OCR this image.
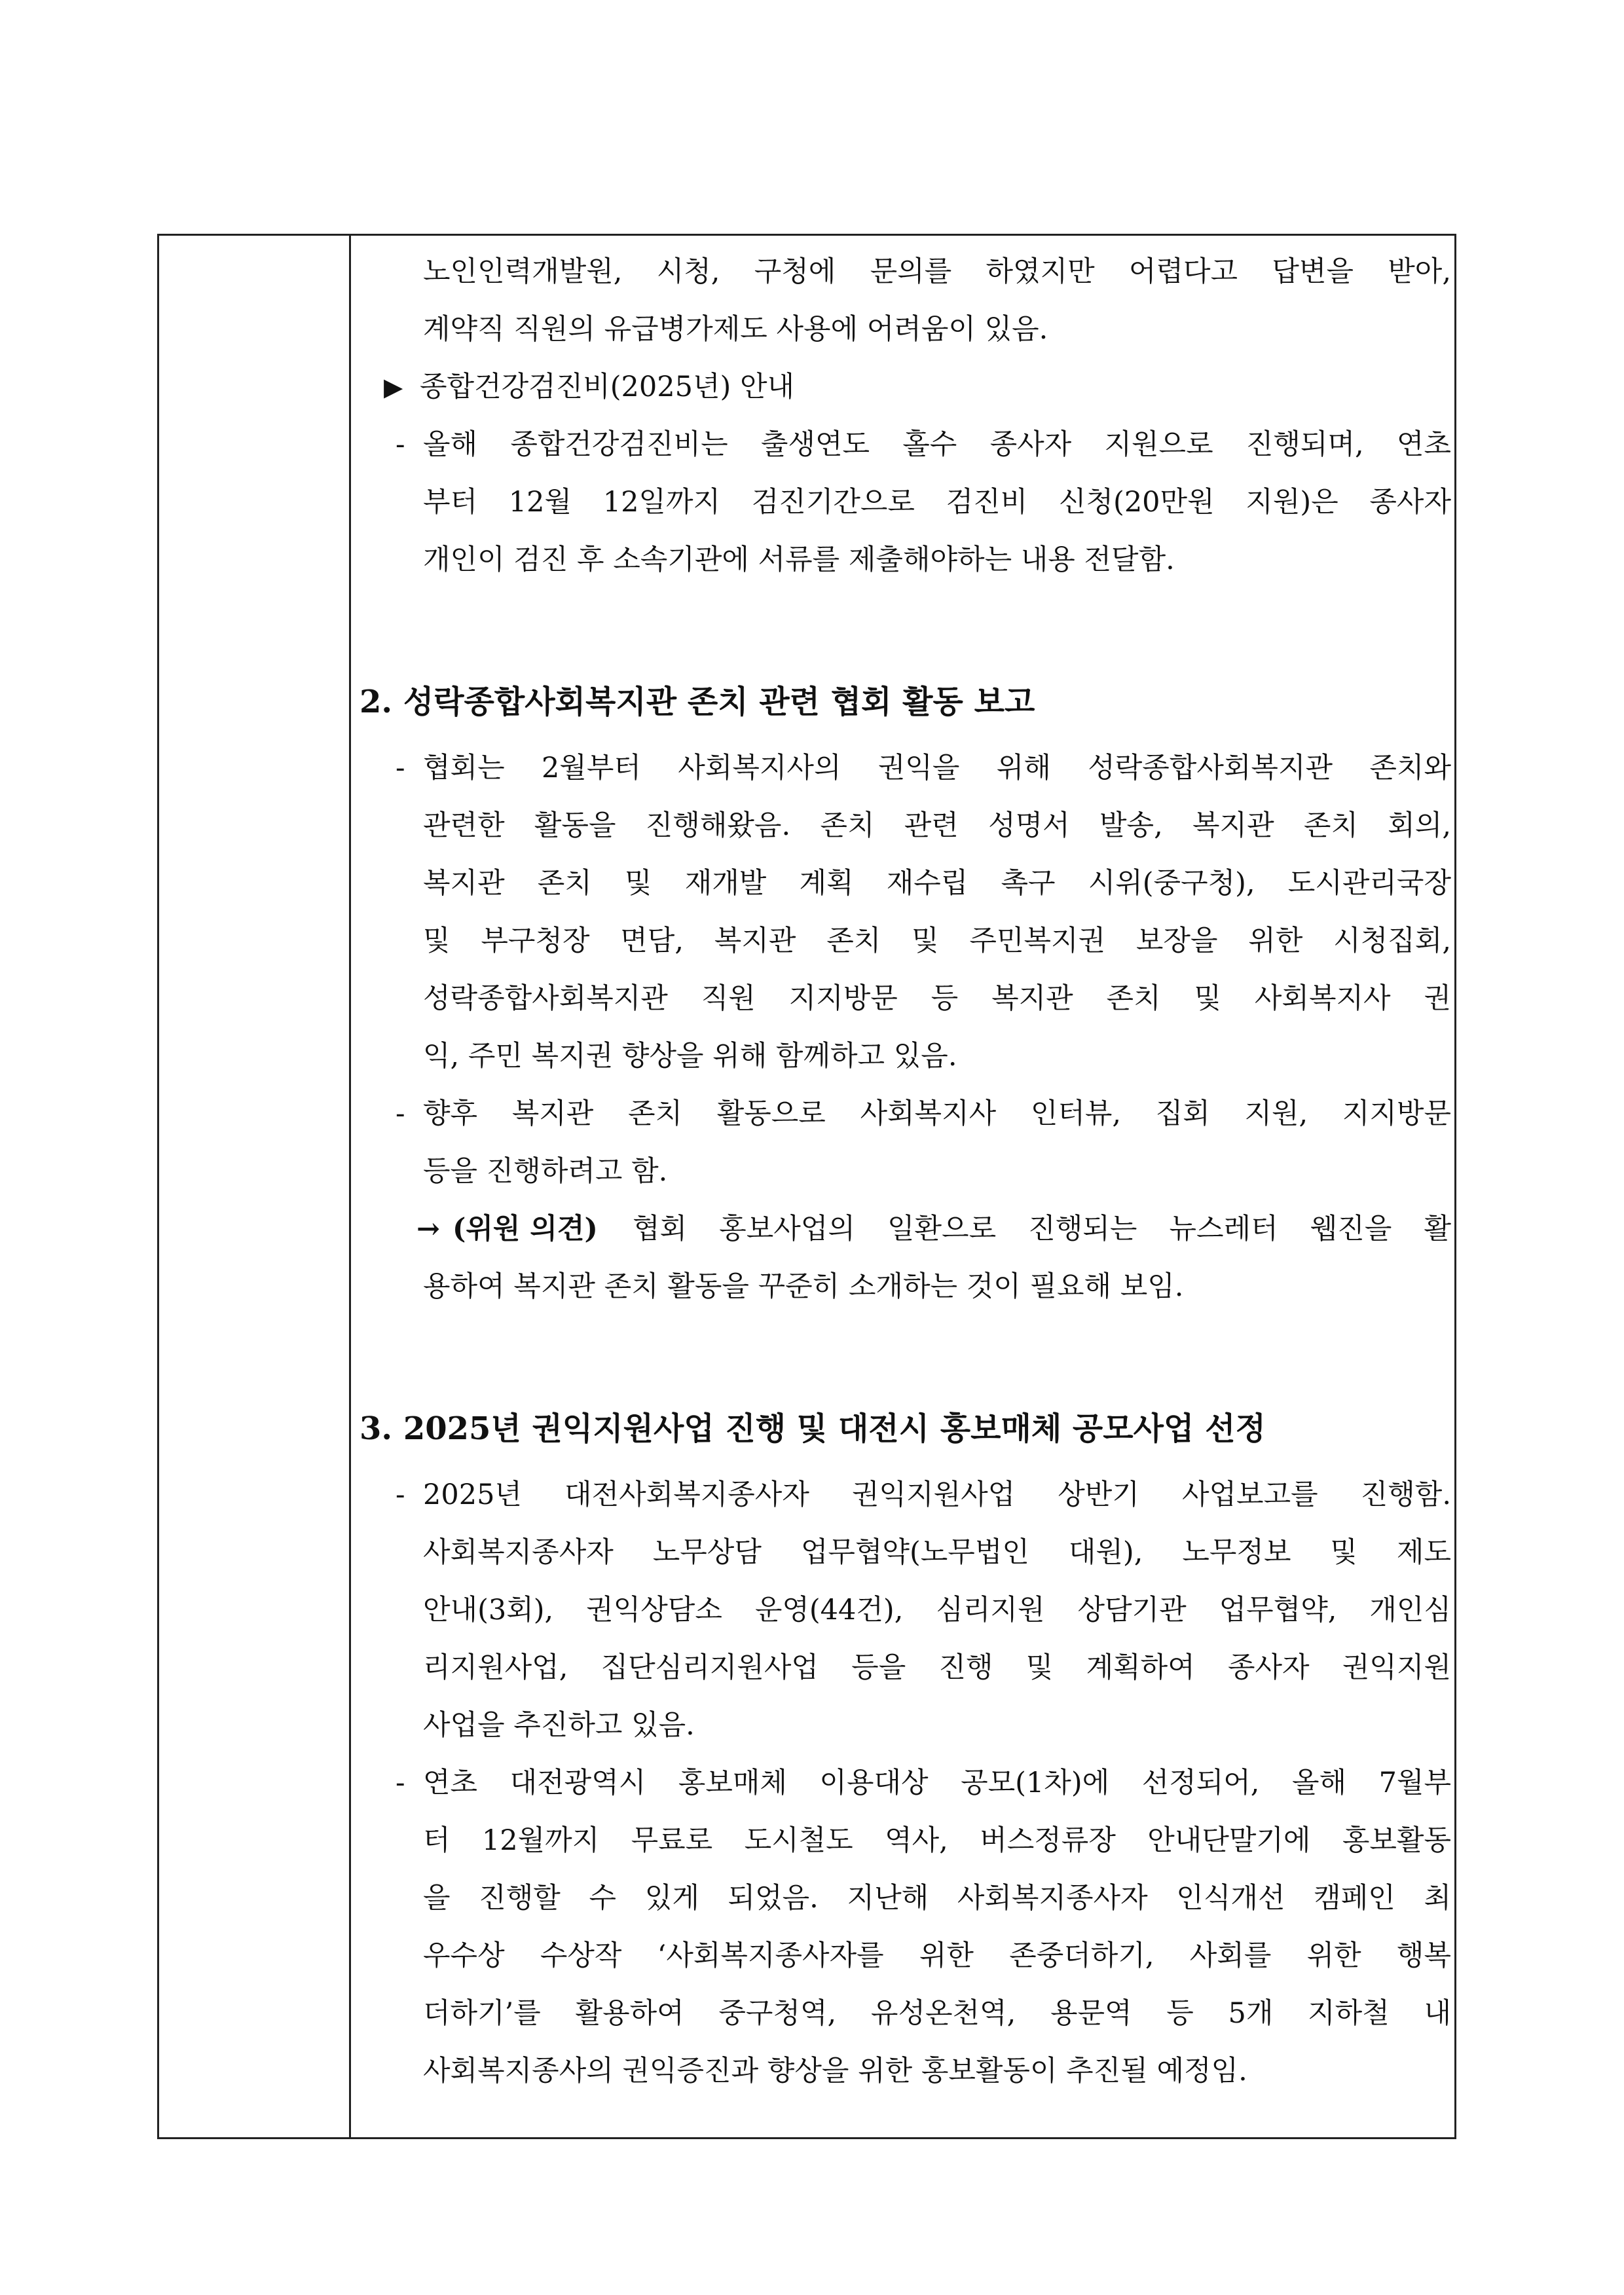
노인인력개발원, 시청, 구청에 문의를 하였지만 어렵다고 답변을 받아,
계약직 직원의 유급병가제도 사용에 어려움이 있음.
▶ 종합건강검진비(2025년) 안내
- 올해 종합건강검진비는 출생연도 홀수 종사자 지원으로 진행되며, 연초
부터 12월 12일까지 검진기간으로 검진비 신청(20만원 지원)은 종사자
개인이 검진 후 소속기관에 서류를 제출해야하는 내용 전달함.
2. 성락종합사회복지관 존치 관련 협회 활동 보고
- 협회는 2월부터 사회복지사의 권익을 위해 성락종합사회복지관 존치와
관련한 활동을 진행해왔음. 존치 관련 성명서 발송, 복지관 존치 회의,
복지관 존치 및 재개발 계획 재수립 촉구 시위(중구청), 도시관리국장
및 부구청장 면담, 복지관 존치 및 주민복지권 보장을 위한 시청집회,
성락종합사회복지관 직원 지지방문 등 복지관 존치 및 사회복지사 권
익, 주민 복지권 향상을 위해 함께하고 있음.
- 향후 복지관 존치 활동으로 사회복지사 인터뷰, 집회 지원, 지지방문
등을 진행하려고 함.
→ (위원 의견) 협회 홍보사업의 일환으로 진행되는 뉴스레터 웹진을 활
용하여 복지관 존치 활동을 꾸준히 소개하는 것이 필요해 보임.
3. 2025년 권익지원사업 진행 및 대전시 홍보매체 공모사업 선정
- 2025년 대전사회복지종사자 권익지원사업 상반기 사업보고를 진행함.
사회복지종사자 노무상담 업무협약(노무법인 대원), 노무정보 및 제도
안내(3회), 권익상담소 운영(44건), 심리지원 상담기관 업무협약, 개인심
리지원사업, 집단심리지원사업 등을 진행 및 계획하여 종사자 권익지원
사업을 추진하고 있음.
- 연초 대전광역시 홍보매체 이용대상 공모(1차)에 선정되어, 올해 7월부
터 12월까지 무료로 도시철도 역사, 버스정류장 안내단말기에 홍보활동
을 진행할 수 있게 되었음. 지난해 사회복지종사자 인식개선 캠페인 최
우수상 수상작 ‘사회복지종사자를 위한 존중더하기, 사회를 위한 행복
더하기’를 활용하여 중구청역, 유성온천역, 용문역 등 5개 지하철 내
사회복지종사의 권익증진과 향상을 위한 홍보활동이 추진될 예정임.
